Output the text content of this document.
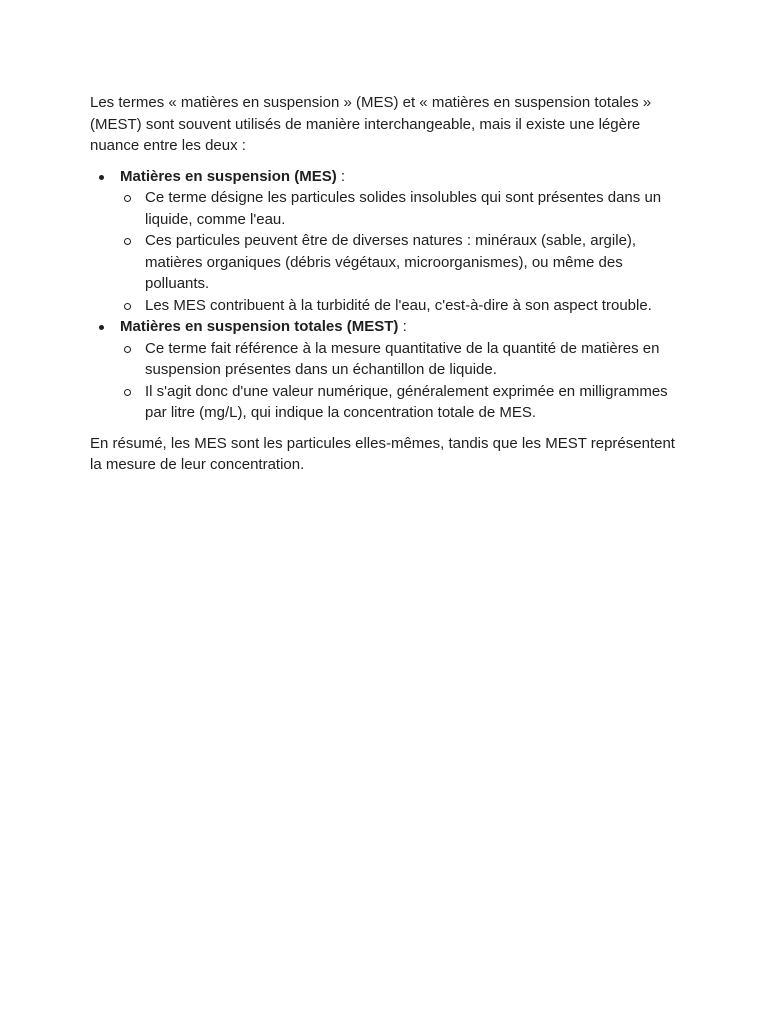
Les termes « matières en suspension » (MES) et « matières en suspension totales » (MEST) sont souvent utilisés de manière interchangeable, mais il existe une légère nuance entre les deux :

Matières en suspension (MES) :
Ce terme désigne les particules solides insolubles qui sont présentes dans un liquide, comme l'eau.
Ces particules peuvent être de diverses natures : minéraux (sable, argile), matières organiques (débris végétaux, microorganismes), ou même des polluants.
Les MES contribuent à la turbidité de l'eau, c'est-à-dire à son aspect trouble.
Matières en suspension totales (MEST) :
Ce terme fait référence à la mesure quantitative de la quantité de matières en suspension présentes dans un échantillon de liquide.
Il s'agit donc d'une valeur numérique, généralement exprimée en milligrammes par litre (mg/L), qui indique la concentration totale de MES.

En résumé, les MES sont les particules elles-mêmes, tandis que les MEST représentent la mesure de leur concentration.
